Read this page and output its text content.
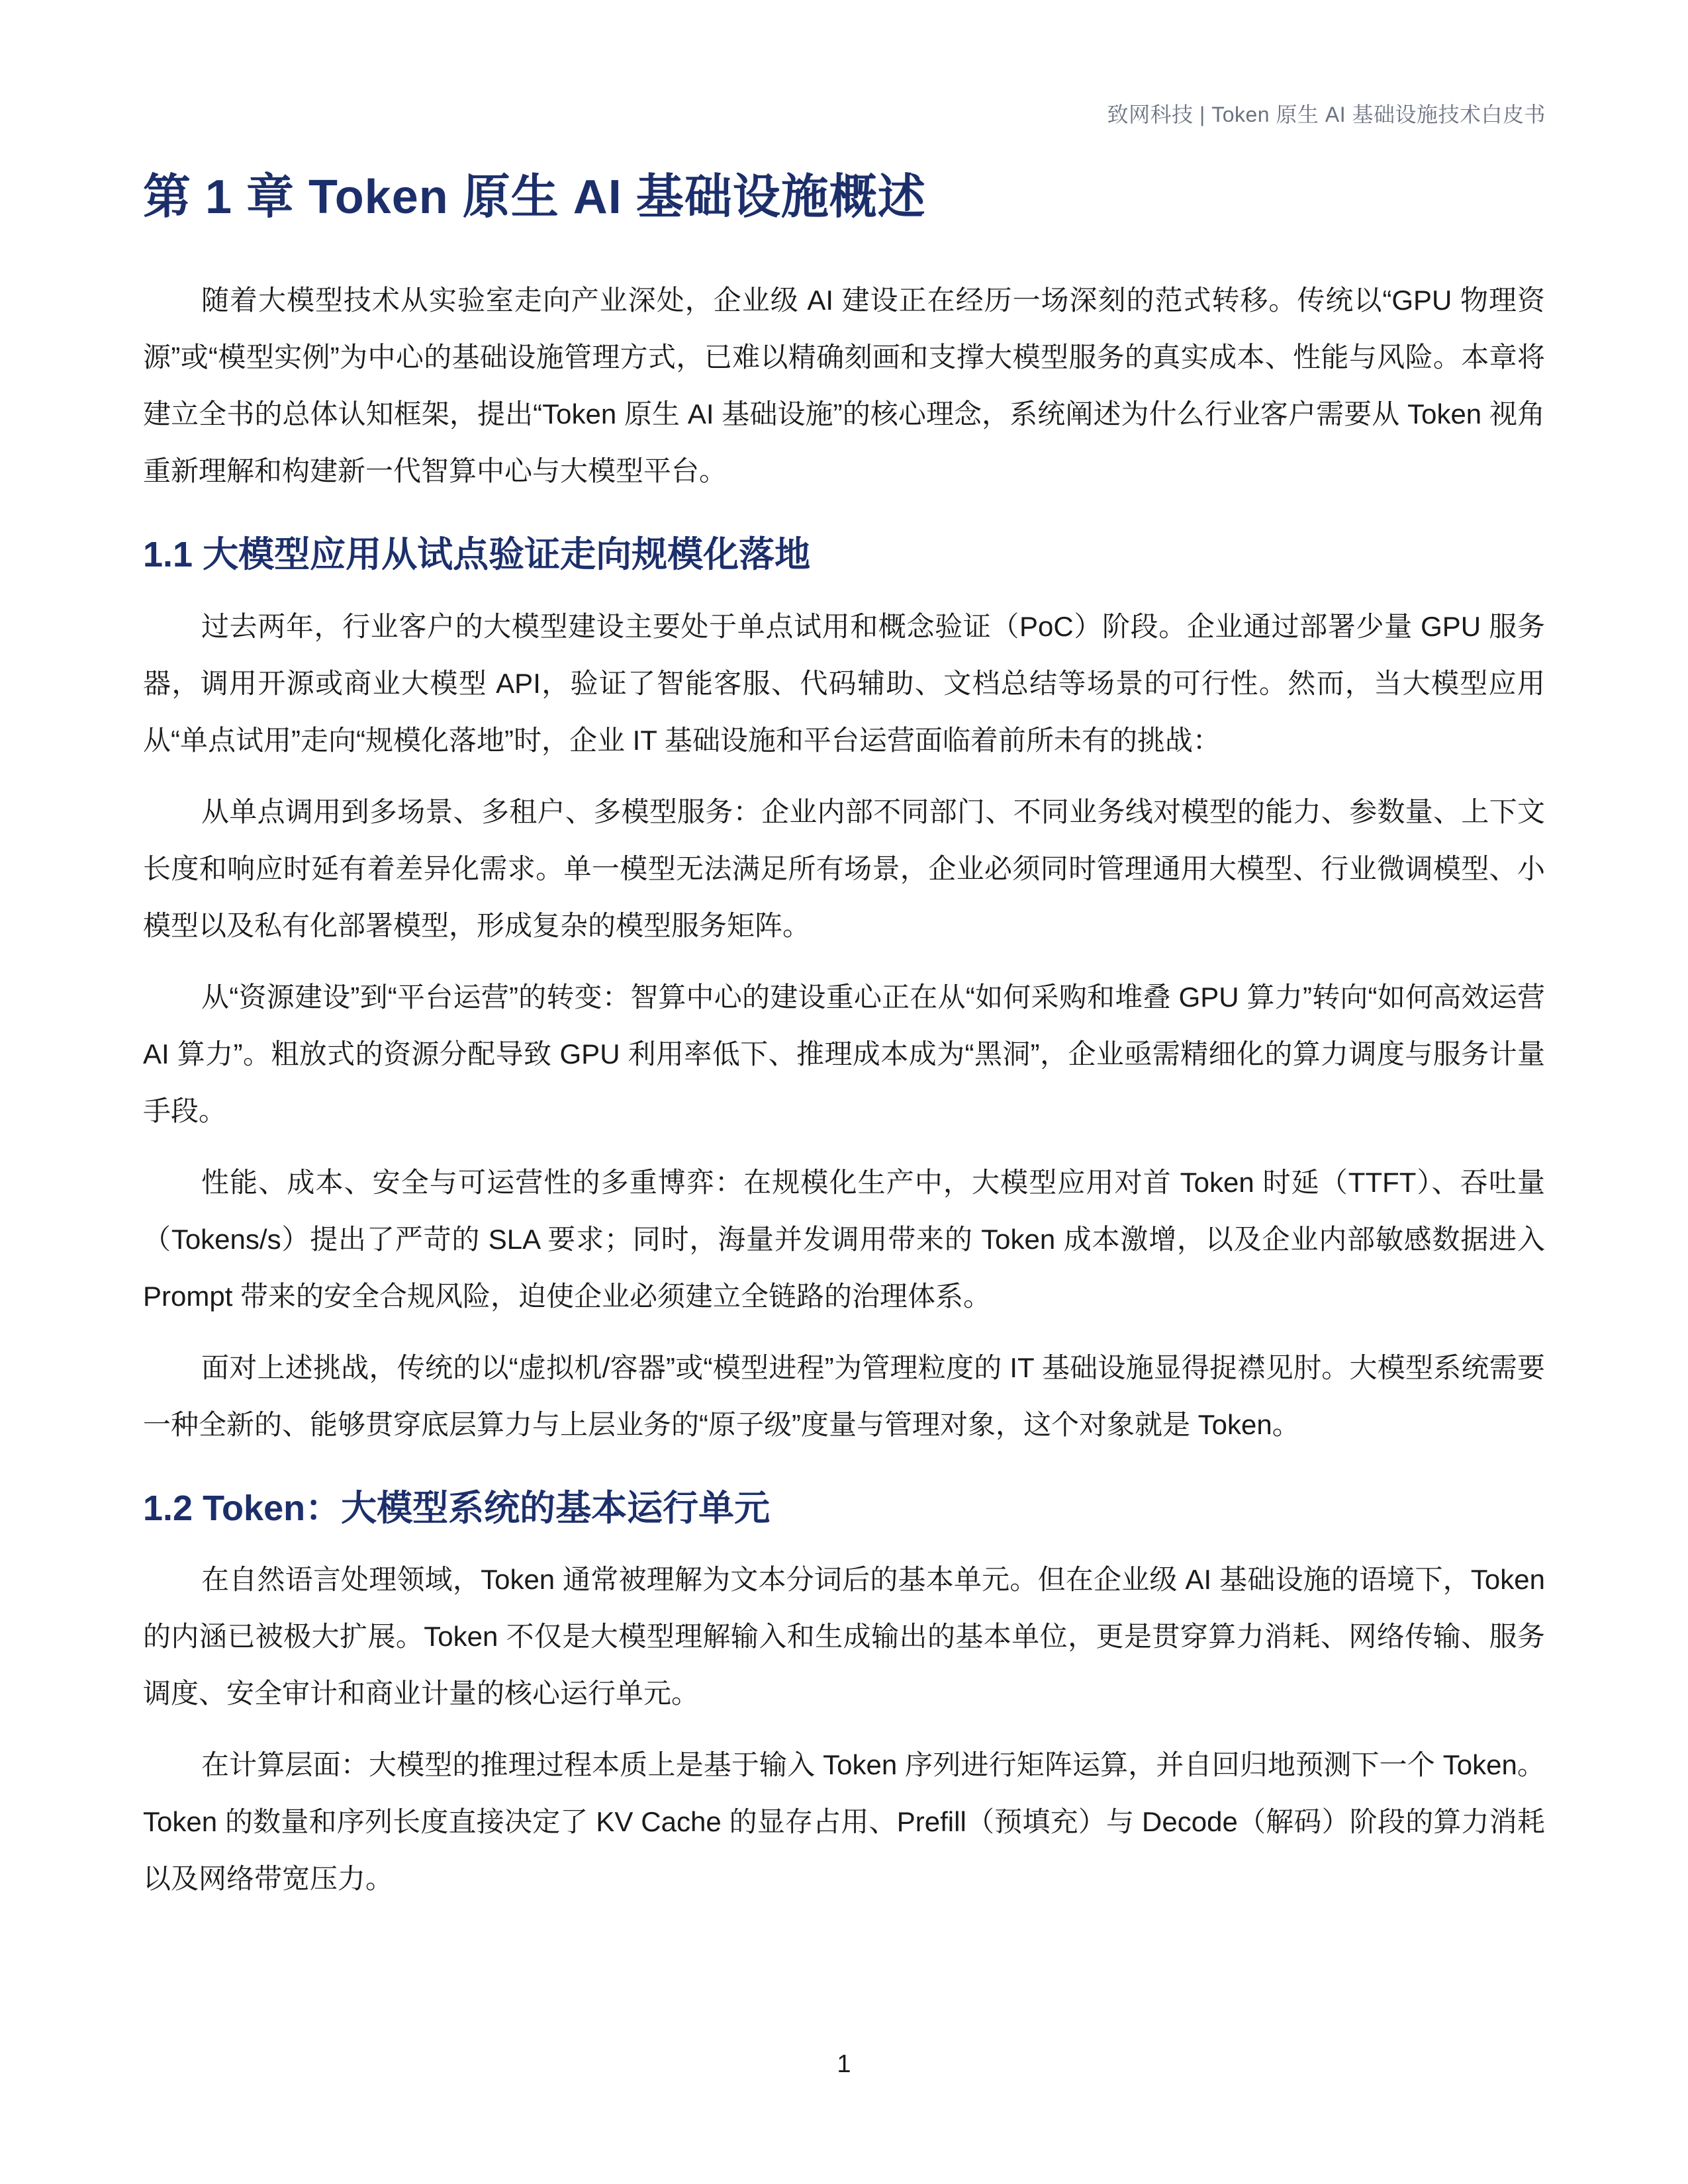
致网科技 | Token 原生 AI 基础设施技术白皮书
第 1 章 Token 原生 AI 基础设施概述

随着大模型技术从实验室走向产业深处，企业级 AI 建设正在经历一场深刻的范式转移。传统以“GPU 物理资源”或“模型实例”为中心的基础设施管理方式，已难以精确刻画和支撑大模型服务的真实成本、性能与风险。本章将建立全书的总体认知框架，提出“Token 原生 AI 基础设施”的核心理念，系统阐述为什么行业客户需要从 Token 视角重新理解和构建新一代智算中心与大模型平台。

1.1 大模型应用从试点验证走向规模化落地

过去两年，行业客户的大模型建设主要处于单点试用和概念验证（PoC）阶段。企业通过部署少量 GPU 服务器，调用开源或商业大模型 API，验证了智能客服、代码辅助、文档总结等场景的可行性。然而，当大模型应用从“单点试用”走向“规模化落地”时，企业 IT 基础设施和平台运营面临着前所未有的挑战：

从单点调用到多场景、多租户、多模型服务：企业内部不同部门、不同业务线对模型的能力、参数量、上下文长度和响应时延有着差异化需求。单一模型无法满足所有场景，企业必须同时管理通用大模型、行业微调模型、小模型以及私有化部署模型，形成复杂的模型服务矩阵。

从“资源建设”到“平台运营”的转变：智算中心的建设重心正在从“如何采购和堆叠 GPU 算力”转向“如何高效运营 AI 算力”。粗放式的资源分配导致 GPU 利用率低下、推理成本成为“黑洞”，企业亟需精细化的算力调度与服务计量手段。

性能、成本、安全与可运营性的多重博弈：在规模化生产中，大模型应用对首 Token 时延（TTFT）、吞吐量（Tokens/s）提出了严苛的 SLA 要求；同时，海量并发调用带来的 Token 成本激增，以及企业内部敏感数据进入 Prompt 带来的安全合规风险，迫使企业必须建立全链路的治理体系。

面对上述挑战，传统的以“虚拟机/容器”或“模型进程”为管理粒度的 IT 基础设施显得捉襟见肘。大模型系统需要一种全新的、能够贯穿底层算力与上层业务的“原子级”度量与管理对象，这个对象就是 Token。

1.2 Token：大模型系统的基本运行单元

在自然语言处理领域，Token 通常被理解为文本分词后的基本单元。但在企业级 AI 基础设施的语境下，Token 的内涵已被极大扩展。Token 不仅是大模型理解输入和生成输出的基本单位，更是贯穿算力消耗、网络传输、服务调度、安全审计和商业计量的核心运行单元。

在计算层面：大模型的推理过程本质上是基于输入 Token 序列进行矩阵运算，并自回归地预测下一个 Token。Token 的数量和序列长度直接决定了 KV Cache 的显存占用、Prefill（预填充）与 Decode（解码）阶段的算力消耗以及网络带宽压力。

1
